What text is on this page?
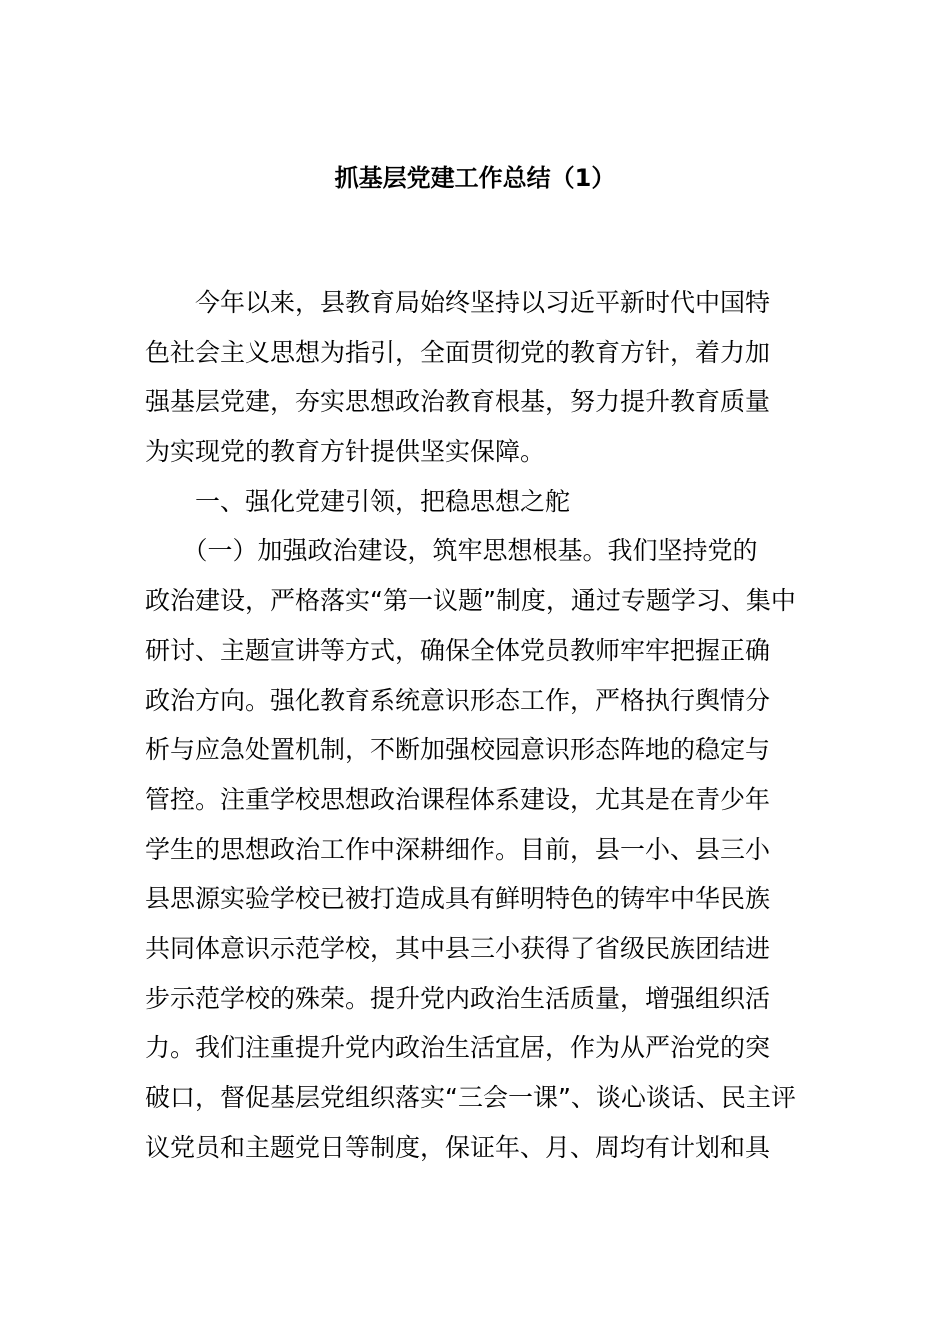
抓基层党建工作总结（1）
　　今年以来，县教育局始终坚持以习近平新时代中国特
色社会主义思想为指引，全面贯彻党的教育方针，着力加
强基层党建，夯实思想政治教育根基，努力提升教育质量
为实现党的教育方针提供坚实保障。
　　一、强化党建引领，把稳思想之舵
　　（一）加强政治建设，筑牢思想根基。我们坚持党的
政治建设，严格落实“第一议题”制度，通过专题学习、集中
研讨、主题宣讲等方式，确保全体党员教师牢牢把握正确
政治方向。强化教育系统意识形态工作，严格执行舆情分
析与应急处置机制，不断加强校园意识形态阵地的稳定与
管控。注重学校思想政治课程体系建设，尤其是在青少年
学生的思想政治工作中深耕细作。目前，县一小、县三小
县思源实验学校已被打造成具有鲜明特色的铸牢中华民族
共同体意识示范学校，其中县三小获得了省级民族团结进
步示范学校的殊荣。提升党内政治生活质量，增强组织活
力。我们注重提升党内政治生活宜居，作为从严治党的突
破口，督促基层党组织落实“三会一课”、谈心谈话、民主评
议党员和主题党日等制度，保证年、月、周均有计划和具
